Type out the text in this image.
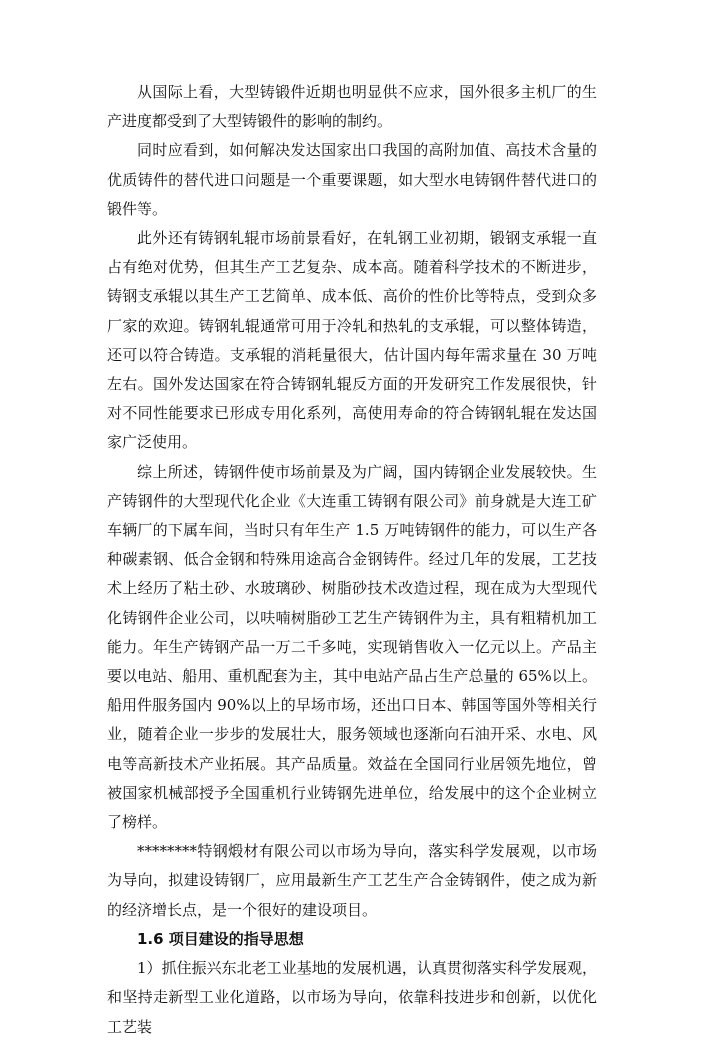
从国际上看，大型铸锻件近期也明显供不应求，国外很多主机厂的生产进度都受到了大型铸锻件的影响的制约。

同时应看到，如何解决发达国家出口我国的高附加值、高技术含量的优质铸件的替代进口问题是一个重要课题，如大型水电铸钢件替代进口的锻件等。

此外还有铸钢轧辊市场前景看好，在轧钢工业初期，锻钢支承辊一直占有绝对优势，但其生产工艺复杂、成本高。随着科学技术的不断进步，铸钢支承辊以其生产工艺简单、成本低、高价的性价比等特点，受到众多厂家的欢迎。铸钢轧辊通常可用于冷轧和热轧的支承辊，可以整体铸造，还可以符合铸造。支承辊的消耗量很大，估计国内每年需求量在 30 万吨左右。国外发达国家在符合铸钢轧辊反方面的开发研究工作发展很快，针对不同性能要求已形成专用化系列，高使用寿命的符合铸钢轧辊在发达国家广泛使用。

综上所述，铸钢件使市场前景及为广阔，国内铸钢企业发展较快。生产铸钢件的大型现代化企业《大连重工铸钢有限公司》前身就是大连工矿车辆厂的下属车间，当时只有年生产 1.5 万吨铸钢件的能力，可以生产各种碳素钢、低合金钢和特殊用途高合金钢铸件。经过几年的发展，工艺技术上经历了粘土砂、水玻璃砂、树脂砂技术改造过程，现在成为大型现代化铸钢件企业公司，以呋喃树脂砂工艺生产铸钢件为主，具有粗精机加工能力。年生产铸钢产品一万二千多吨，实现销售收入一亿元以上。产品主要以电站、船用、重机配套为主，其中电站产品占生产总量的 65%以上。船用件服务国内 90%以上的早场市场，还出口日本、韩国等国外等相关行业，随着企业一步步的发展壮大，服务领域也逐渐向石油开采、水电、风电等高新技术产业拓展。其产品质量。效益在全国同行业居领先地位，曾被国家机械部授予全国重机行业铸钢先进单位，给发展中的这个企业树立了榜样。

********特钢煅材有限公司以市场为导向，落实科学发展观，以市场为导向，拟建设铸钢厂，应用最新生产工艺生产合金铸钢件，使之成为新的经济增长点，是一个很好的建设项目。

1.6 项目建设的指导思想

1）抓住振兴东北老工业基地的发展机遇，认真贯彻落实科学发展观，和坚持走新型工业化道路，以市场为导向，依靠科技进步和创新，以优化工艺装
